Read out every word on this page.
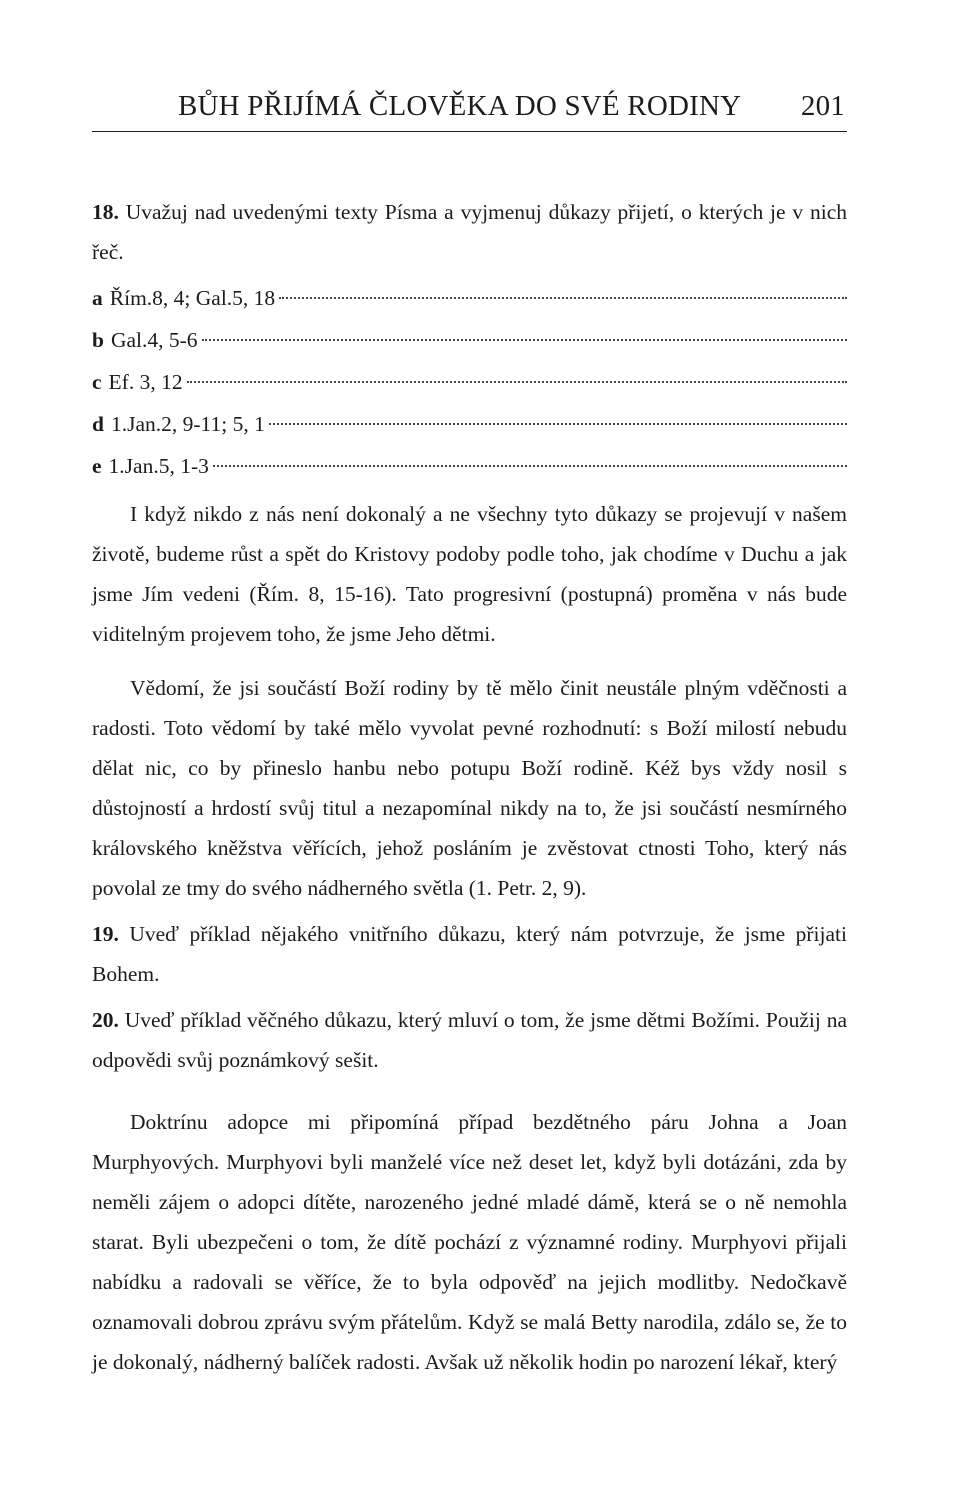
BŮH PŘIJÍMÁ ČLOVĚKA DO SVÉ RODINY 201

18. Uvažuj nad uvedenými texty Písma a vyjmenuj důkazy přijetí, o kterých je v nich řeč.

a Řím.8, 4; Gal.5, 18
b Gal.4, 5-6
c Ef. 3, 12
d 1.Jan.2, 9-11; 5, 1
e 1.Jan.5, 1-3

I když nikdo z nás není dokonalý a ne všechny tyto důkazy se projevují v našem životě, budeme růst a spět do Kristovy podoby podle toho, jak chodíme v Duchu a jak jsme Jím vedeni (Řím. 8, 15-16). Tato progresivní (postupná) proměna v nás bude viditelným projevem toho, že jsme Jeho dětmi.

Vědomí, že jsi součástí Boží rodiny by tě mělo činit neustále plným vděčnosti a radosti. Toto vědomí by také mělo vyvolat pevné rozhodnutí: s Boží milostí nebudu dělat nic, co by přineslo hanbu nebo potupu Boží rodině. Kéž bys vždy nosil s důstojností a hrdostí svůj titul a nezapomínal nikdy na to, že jsi součástí nesmírného královského kněžstva věřících, jehož posláním je zvěstovat ctnosti Toho, který nás povolal ze tmy do svého nádherného světla (1. Petr. 2, 9).

19. Uveď příklad nějakého vnitřního důkazu, který nám potvrzuje, že jsme přijati Bohem.

20. Uveď příklad věčného důkazu, který mluví o tom, že jsme dětmi Božími. Použij na odpovědi svůj poznámkový sešit.

Doktrínu adopce mi připomíná případ bezdětného páru Johna a Joan Murphyových. Murphyovi byli manželé více než deset let, když byli dotázáni, zda by neměli zájem o adopci dítěte, narozeného jedné mladé dámě, která se o ně nemohla starat. Byli ubezpečeni o tom, že dítě pochází z významné rodiny. Murphyovi přijali nabídku a radovali se věříce, že to byla odpověď na jejich modlitby. Nedočkavě oznamovali dobrou zprávu svým přátelům. Když se malá Betty narodila, zdálo se, že to je dokonalý, nádherný balíček radosti. Avšak už několik hodin po narození lékař, který
